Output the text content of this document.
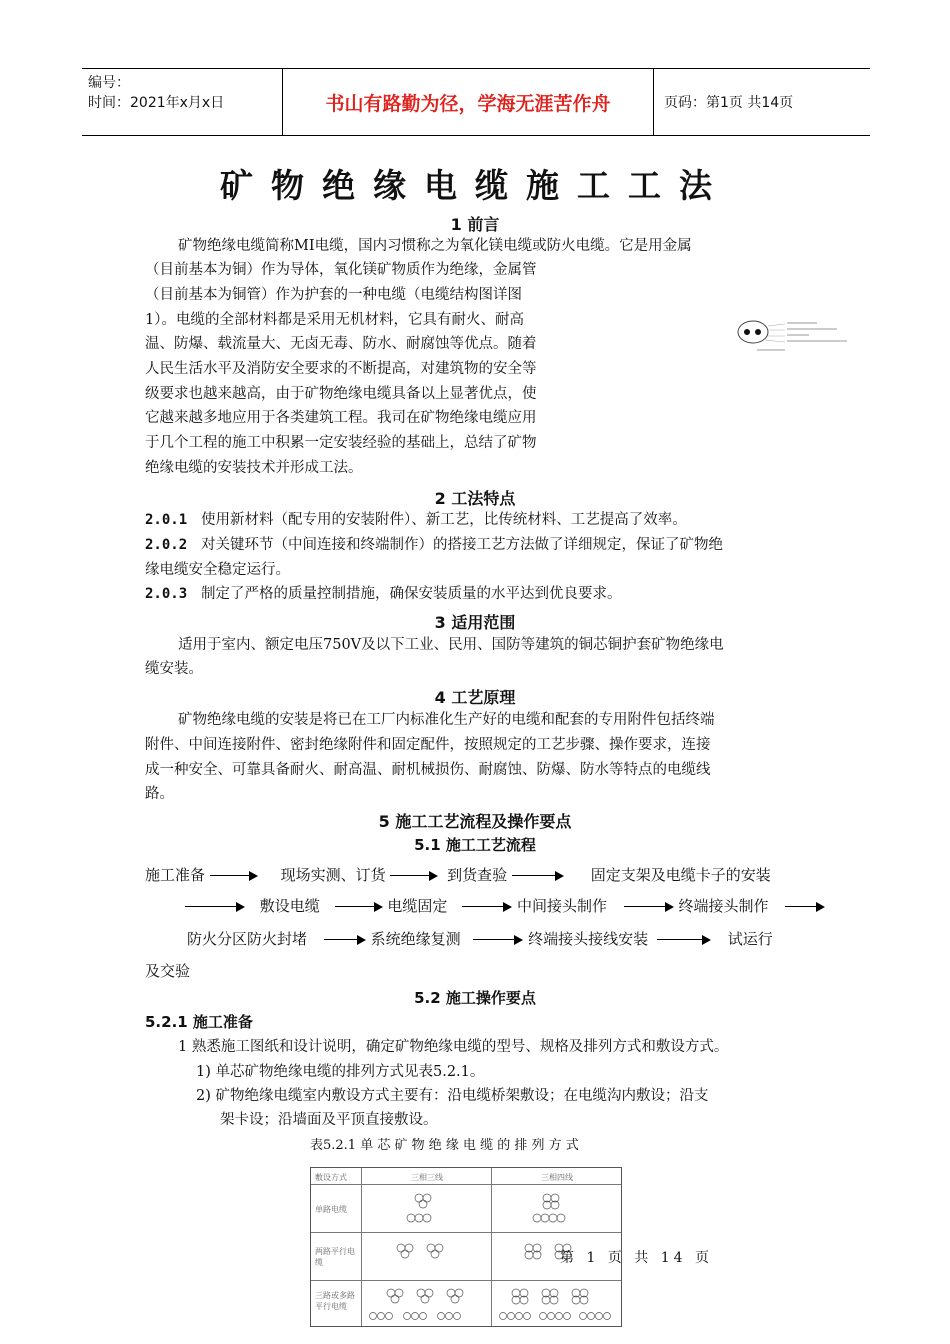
编号：
时间：2021年x月x日	书山有路勤为径，学海无涯苦作舟	页码：第1页 共14页
矿物绝缘电缆施工工法
1 前言
矿物绝缘电缆简称MI电缆，国内习惯称之为氧化镁电缆或防火电缆。它是用金属
（目前基本为铜）作为导体，氧化镁矿物质作为绝缘，金属管
（目前基本为铜管）作为护套的一种电缆（电缆结构图详图
1）。电缆的全部材料都是采用无机材料，它具有耐火、耐高
温、防爆、载流量大、无卤无毒、防水、耐腐蚀等优点。随着
人民生活水平及消防安全要求的不断提高，对建筑物的安全等
级要求也越来越高，由于矿物绝缘电缆具备以上显著优点，使
它越来越多地应用于各类建筑工程。我司在矿物绝缘电缆应用
于几个工程的施工中积累一定安装经验的基础上，总结了矿物
绝缘电缆的安装技术并形成工法。
2 工法特点
2.0.1 使用新材料（配专用的安装附件）、新工艺，比传统材料、工艺提高了效率。
2.0.2 对关键环节（中间连接和终端制作）的搭接工艺方法做了详细规定，保证了矿物绝
缘电缆安全稳定运行。
2.0.3 制定了严格的质量控制措施，确保安装质量的水平达到优良要求。
3 适用范围
适用于室内、额定电压750V及以下工业、民用、国防等建筑的铜芯铜护套矿物绝缘电
缆安装。
4 工艺原理
矿物绝缘电缆的安装是将已在工厂内标准化生产好的电缆和配套的专用附件包括终端
附件、中间连接附件、密封绝缘附件和固定配件，按照规定的工艺步骤、操作要求，连接
成一种安全、可靠具备耐火、耐高温、耐机械损伤、耐腐蚀、防爆、防水等特点的电缆线
路。
5 施工工艺流程及操作要点
5.1 施工工艺流程
施工准备	现场实测、订货	到货查验	固定支架及电缆卡子的安装
敷设电缆	电缆固定	中间接头制作	终端接头制作
防火分区防火封堵	系统绝缘复测	终端接头接线安装	试运行
及交验
5.2 施工操作要点
5.2.1 施工准备
1 熟悉施工图纸和设计说明，确定矿物绝缘电缆的型号、规格及排列方式和敷设方式。
1) 单芯矿物绝缘电缆的排列方式见表5.2.1。
2) 矿物绝缘电缆室内敷设方式主要有：沿电缆桥架敷设；在电缆沟内敷设；沿支
架卡设；沿墙面及平顶直接敷设。
表5.2.1 单 芯 矿 物 绝 缘 电 缆 的 排 列 方 式
敷设方式	三相三线	三相四线
单路电缆
两路平行电缆
三路或多路平行电缆
第 1 页 共 14 页
